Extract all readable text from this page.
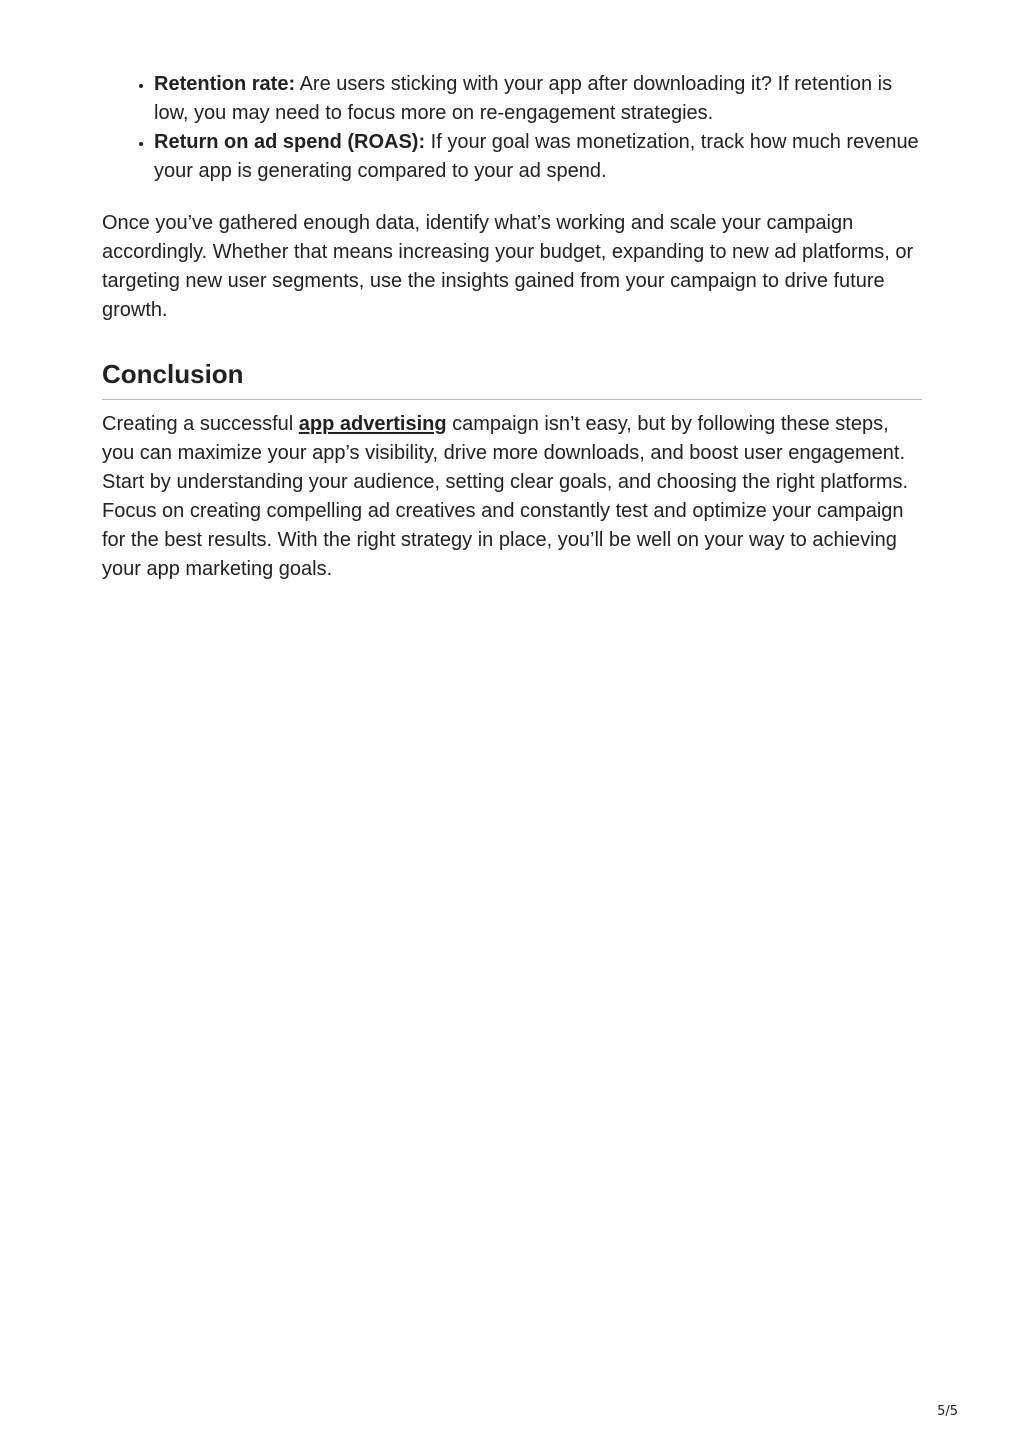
• Retention rate: Are users sticking with your app after downloading it? If retention is low, you may need to focus more on re-engagement strategies.
• Return on ad spend (ROAS): If your goal was monetization, track how much revenue your app is generating compared to your ad spend.

Once you’ve gathered enough data, identify what’s working and scale your campaign accordingly. Whether that means increasing your budget, expanding to new ad platforms, or targeting new user segments, use the insights gained from your campaign to drive future growth.

Conclusion

Creating a successful app advertising campaign isn’t easy, but by following these steps, you can maximize your app’s visibility, drive more downloads, and boost user engagement. Start by understanding your audience, setting clear goals, and choosing the right platforms. Focus on creating compelling ad creatives and constantly test and optimize your campaign for the best results. With the right strategy in place, you’ll be well on your way to achieving your app marketing goals.

5/5
